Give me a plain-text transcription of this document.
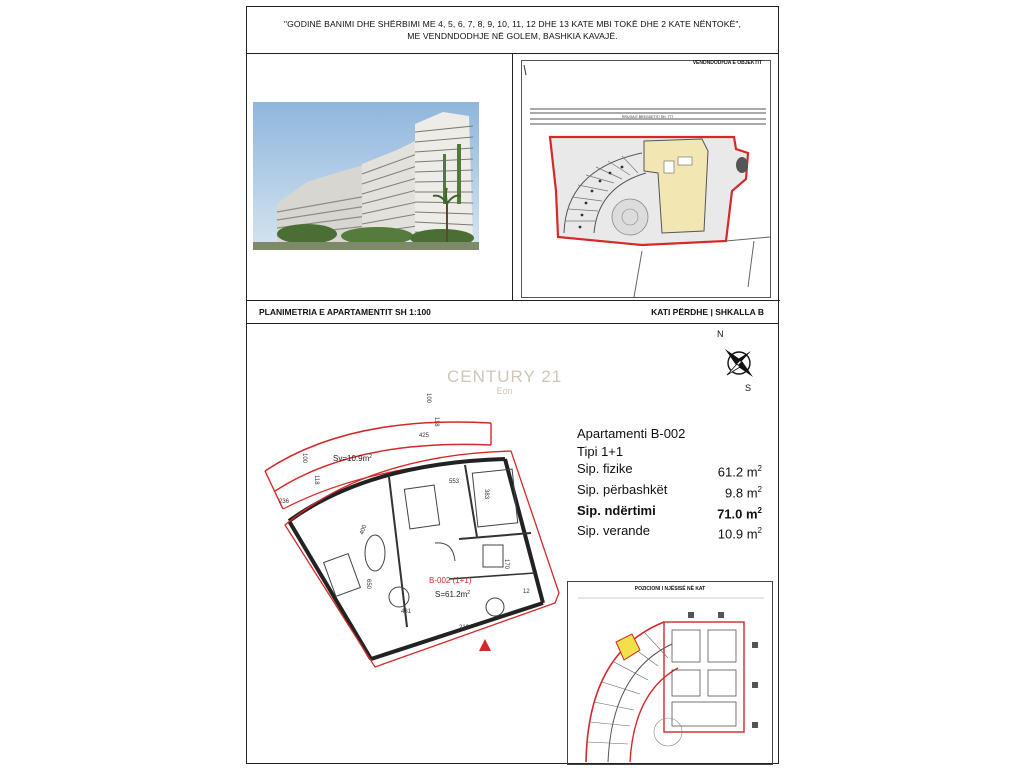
"GODINË BANIMI DHE SHËRBIMI ME 4, 5, 6, 7, 8, 9, 10, 11, 12 DHE 13 KATE MBI TOKË DHE 2 KATE NËNTOKË",
ME VENDNDODHJE NË GOLEM, BASHKIA KAVAJË.
RRUGA E BREGDETIT/ SH. 777
VENDNDODHJA E OBJEKTIT
PLANIMETRIA E APARTAMENTIT SH 1:100	KATI PËRDHE | SHKALLA B
CENTURY 21
Eon
N
S
$Sv=10.9m^2$
B-002 (1+1)
$S=61.2m^2$
100
118
425
100
118
236
553
383
400
650
481
170
210
12
Apartamenti B-002
Tipi 1+1
Sip. fizike	61.2 $m^2$
Sip. përbashkët	9.8 $m^2$
Sip. ndërtimi	71.0 $m^2$
Sip. verande	10.9 $m^2$
POZICIONI I NJËSISË NË KAT
